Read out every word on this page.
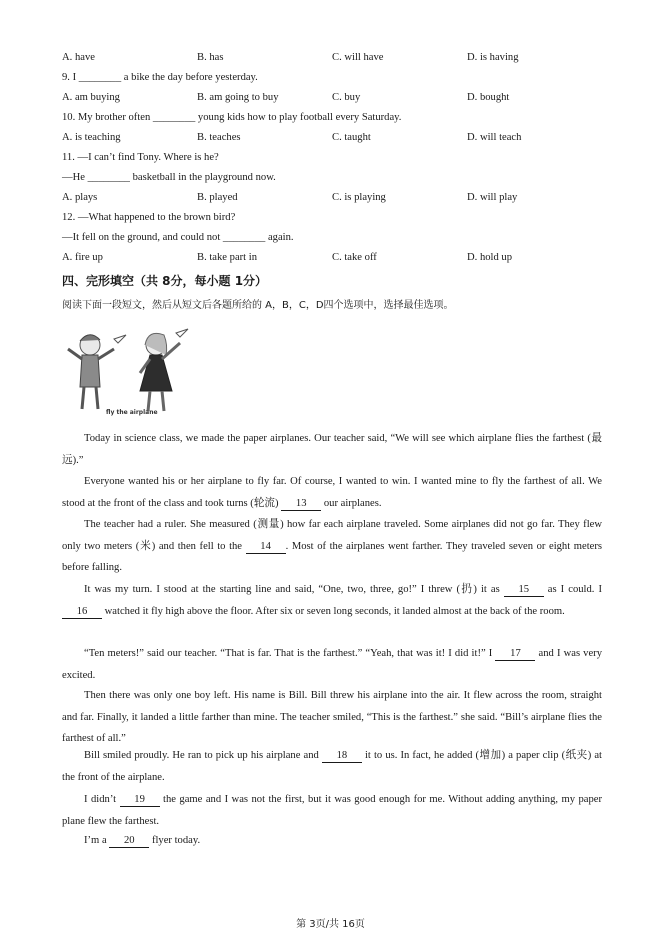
A. have	B. has	C. will have	D. is having
9. I ________ a bike the day before yesterday.
A. am buying	B. am going to buy	C. buy	D. bought
10. My brother often ________ young kids how to play football every Saturday.
A. is teaching	B. teaches	C. taught	D. will teach
11. —I can’t find Tony. Where is he?
—He ________ basketball in the playground now.
A. plays	B. played	C. is playing	D. will play
12. —What happened to the brown bird?
—It fell on the ground, and could not ________ again.
A. fire up	B. take part in	C. take off	D. hold up
四、完形填空（共 8分，每小题 1分）
阅读下面一段短文，然后从短文后各题所给的 A，B，C，D四个选项中，选择最佳选项。
fly the airplane
Today in science class, we made the paper airplanes. Our teacher said, “We will see which airplane flies the farthest (最远).”
Everyone wanted his or her airplane to fly far. Of course, I wanted to win. I wanted mine to fly the farthest of all. We stood at the front of the class and took turns (轮流) 13 our airplanes.
The teacher had a ruler. She measured (测量) how far each airplane traveled. Some airplanes did not go far. They flew only two meters (米) and then fell to the 14 . Most of the airplanes went farther. They traveled seven or eight meters before falling.
It was my turn. I stood at the starting line and said, “One, two, three, go!” I threw (扔) it as 15 as I could. I 16 watched it fly high above the floor. After six or seven long seconds, it landed almost at the back of the room.
“Ten meters!” said our teacher. “That is far. That is the farthest.” “Yeah, that was it! I did it!” I 17 and I was very excited.
Then there was only one boy left. His name is Bill. Bill threw his airplane into the air. It flew across the room, straight and far. Finally, it landed a little farther than mine. The teacher smiled, “This is the farthest.” she said. “Bill’s airplane flies the farthest of all.”
Bill smiled proudly. He ran to pick up his airplane and 18 it to us. In fact, he added (增加) a paper clip (纸夹) at the front of the airplane.
I didn’t 19 the game and I was not the first, but it was good enough for me. Without adding anything, my paper plane flew the farthest.
I’m a 20 flyer today.
第 3页/共 16页
